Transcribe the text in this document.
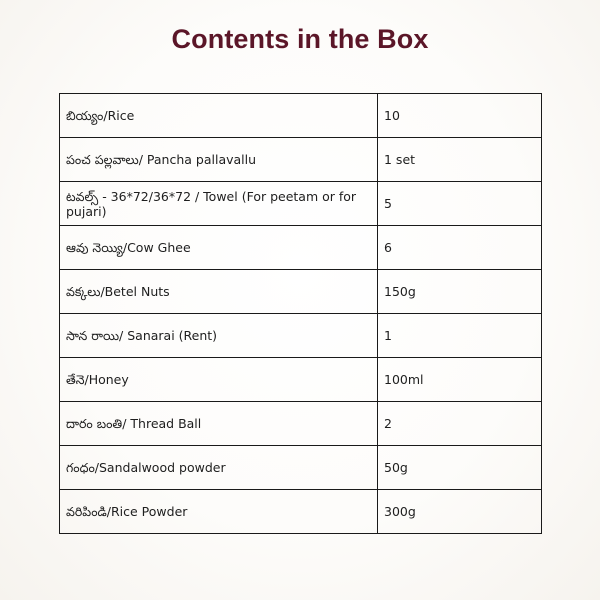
Contents in the Box
బియ్యం/Rice	10
పంచ పల్లవాలు/ Pancha pallavallu	1 set
టవల్స్ - 36*72/36*72 / Towel (For peetam or for pujari)	5
ఆవు నెయ్యి/Cow Ghee	6
వక్కలు/Betel Nuts	150g
సాన రాయి/ Sanarai (Rent)	1
తేనె/Honey	100ml
దారం బంతి/ Thread Ball	2
గంధం/Sandalwood powder	50g
వరిపిండి/Rice Powder	300g
